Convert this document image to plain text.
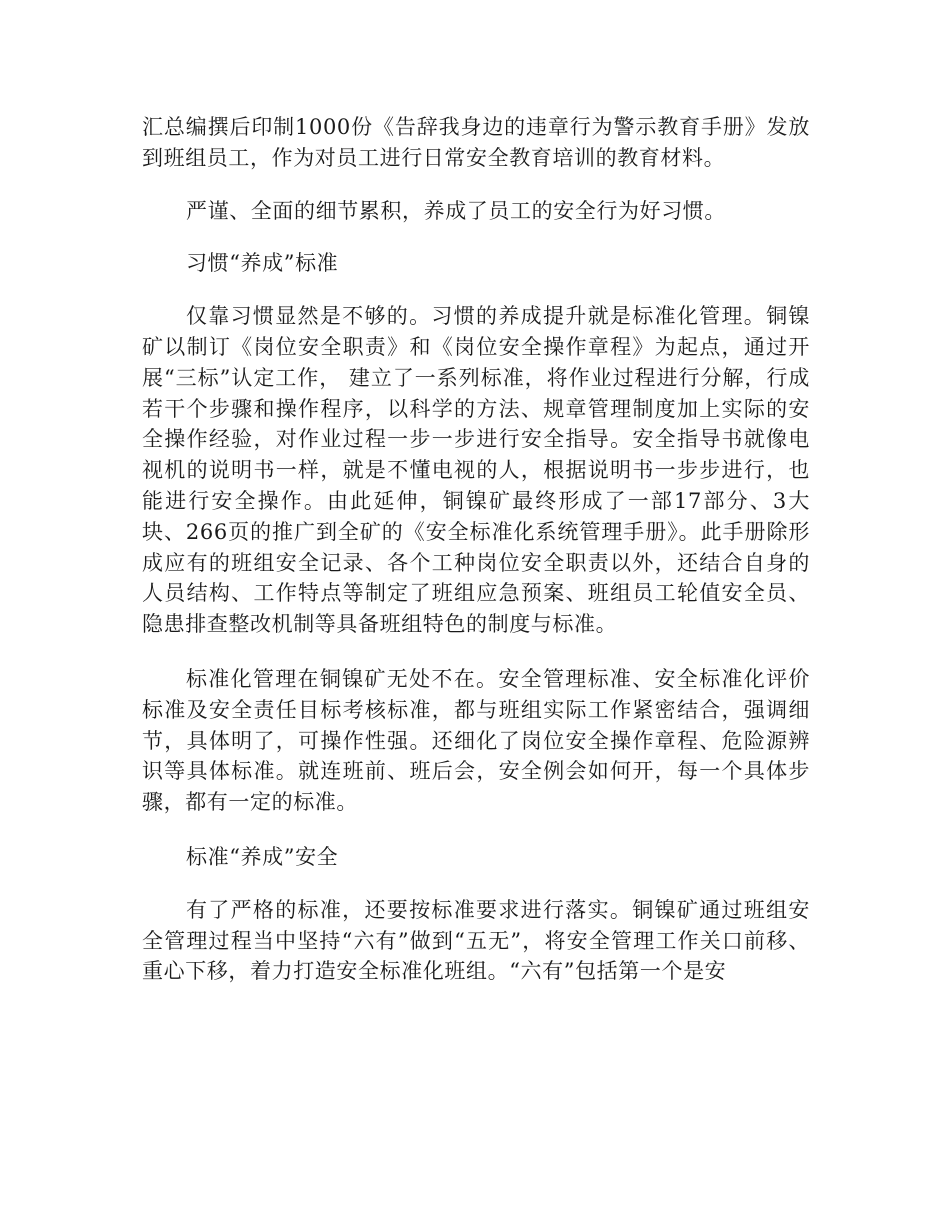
汇总编撰后印制1000份《告辞我身边的违章行为警示教育手册》发放到班组员工，作为对员工进行日常安全教育培训的教育材料。

严谨、全面的细节累积，养成了员工的安全行为好习惯。

习惯“养成”标准

仅靠习惯显然是不够的。习惯的养成提升就是标准化管理。铜镍矿以制订《岗位安全职责》和《岗位安全操作章程》为起点，通过开展“三标”认定工作， 建立了一系列标准，将作业过程进行分解，行成若干个步骤和操作程序，以科学的方法、规章管理制度加上实际的安全操作经验，对作业过程一步一步进行安全指导。安全指导书就像电视机的说明书一样，就是不懂电视的人，根据说明书一步步进行，也能进行安全操作。由此延伸，铜镍矿最终形成了一部17部分、3大块、266页的推广到全矿的《安全标准化系统管理手册》。此手册除形成应有的班组安全记录、各个工种岗位安全职责以外，还结合自身的人员结构、工作特点等制定了班组应急预案、班组员工轮值安全员、隐患排查整改机制等具备班组特色的制度与标准。

标准化管理在铜镍矿无处不在。安全管理标准、安全标准化评价标准及安全责任目标考核标准，都与班组实际工作紧密结合，强调细节，具体明了，可操作性强。还细化了岗位安全操作章程、危险源辨识等具体标准。就连班前、班后会，安全例会如何开，每一个具体步骤，都有一定的标准。

标准“养成”安全

有了严格的标准，还要按标准要求进行落实。铜镍矿通过班组安全管理过程当中坚持“六有”做到“五无”，将安全管理工作关口前移、重心下移，着力打造安全标准化班组。“六有”包括第一个是安
